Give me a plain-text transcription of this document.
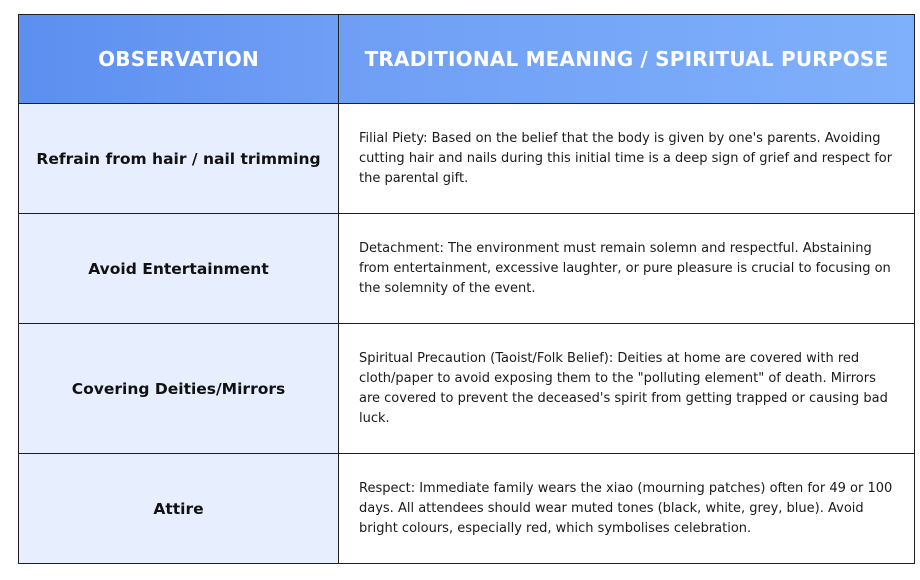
OBSERVATION	TRADITIONAL MEANING / SPIRITUAL PURPOSE
Refrain from hair / nail trimming	Filial Piety: Based on the belief that the body is given by one's parents. Avoiding cutting hair and nails during this initial time is a deep sign of grief and respect for the parental gift.
Avoid Entertainment	Detachment: The environment must remain solemn and respectful. Abstaining from entertainment, excessive laughter, or pure pleasure is crucial to focusing on the solemnity of the event.
Covering Deities/Mirrors	Spiritual Precaution (Taoist/Folk Belief): Deities at home are covered with red cloth/paper to avoid exposing them to the "polluting element" of death. Mirrors are covered to prevent the deceased's spirit from getting trapped or causing bad luck.
Attire	Respect: Immediate family wears the xiao (mourning patches) often for 49 or 100 days. All attendees should wear muted tones (black, white, grey, blue). Avoid bright colours, especially red, which symbolises celebration.
